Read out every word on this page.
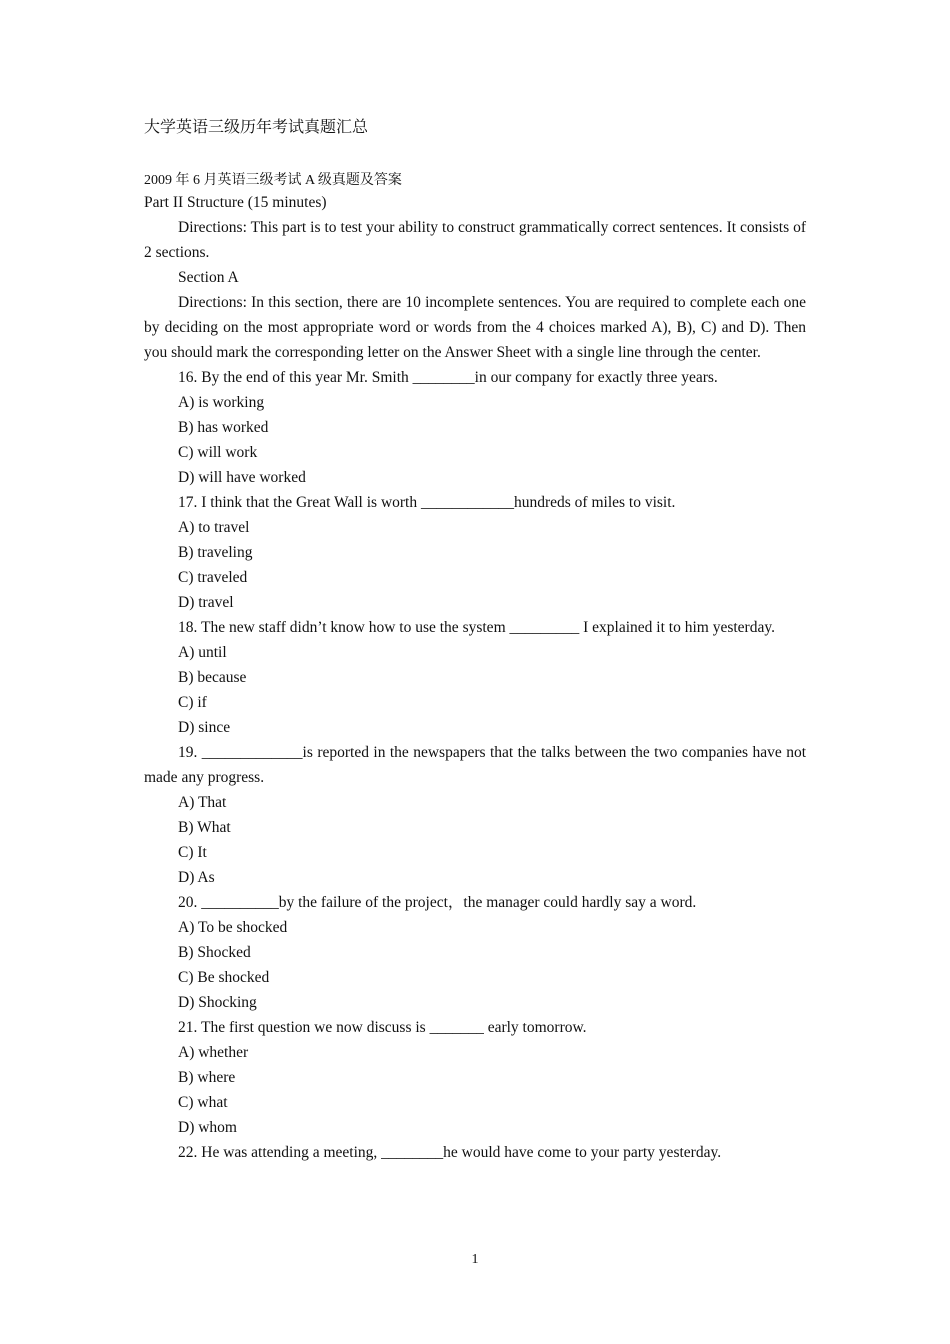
大学英语三级历年考试真题汇总
2009 年 6 月英语三级考试 A 级真题及答案

Part II Structure (15 minutes)

Directions: This part is to test your ability to construct grammatically correct sentences. It consists of 2 sections.

Section A

Directions: In this section, there are 10 incomplete sentences. You are required to complete each one by deciding on the most appropriate word or words from the 4 choices marked A), B), C) and D). Then you should mark the corresponding letter on the Answer Sheet with a single line through the center.

16. By the end of this year Mr. Smith ________in our company for exactly three years.

A) is working

B) has worked

C) will work

D) will have worked

17. I think that the Great Wall is worth ____________hundreds of miles to visit.

A) to travel

B) traveling

C) traveled

D) travel

18. The new staff didn’t know how to use the system _________ I explained it to him yesterday.

A) until

B) because

C) if

D) since

19. _____________is reported in the newspapers that the talks between the two companies have not made any progress.

A) That

B) What

C) It

D) As

20. __________by the failure of the project，the manager could hardly say a word.

A) To be shocked

B) Shocked

C) Be shocked

D) Shocking

21. The first question we now discuss is _______ early tomorrow.

A) whether

B) where

C) what

D) whom

22. He was attending a meeting, ________he would have come to your party yesterday.

1
